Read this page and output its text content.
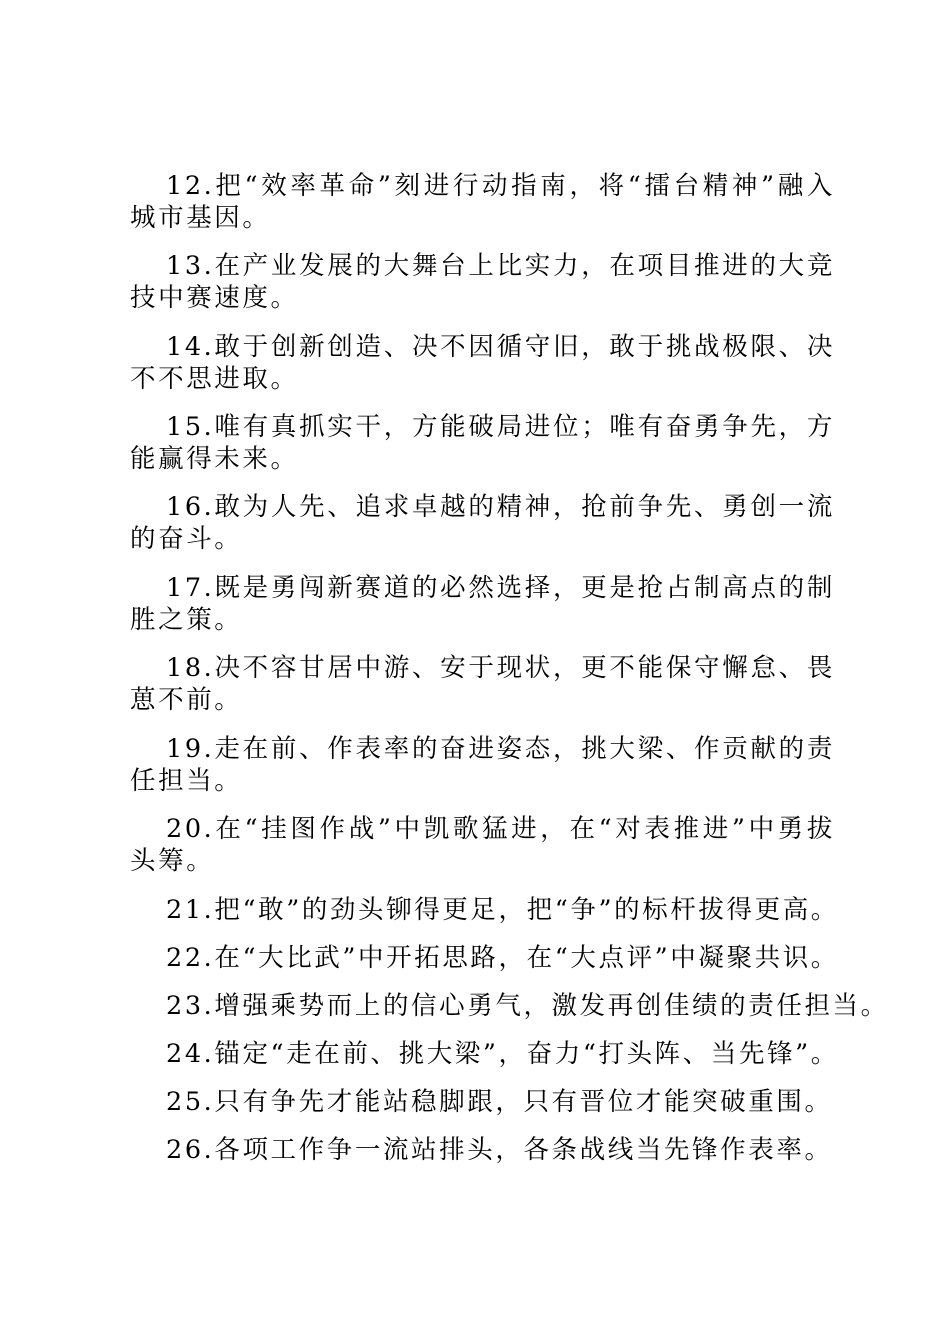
12.把“效率革命”刻进行动指南，将“擂台精神”融入城市基因。

13.在产业发展的大舞台上比实力，在项目推进的大竞技中赛速度。

14.敢于创新创造、决不因循守旧，敢于挑战极限、决不不思进取。

15.唯有真抓实干，方能破局进位；唯有奋勇争先，方能赢得未来。

16.敢为人先、追求卓越的精神，抢前争先、勇创一流的奋斗。

17.既是勇闯新赛道的必然选择，更是抢占制高点的制胜之策。

18.决不容甘居中游、安于现状，更不能保守懈怠、畏葸不前。

19.走在前、作表率的奋进姿态，挑大梁、作贡献的责任担当。

20.在“挂图作战”中凯歌猛进，在“对表推进”中勇拔头筹。

21.把“敢”的劲头铆得更足，把“争”的标杆拔得更高。

22.在“大比武”中开拓思路，在“大点评”中凝聚共识。

23.增强乘势而上的信心勇气，激发再创佳绩的责任担当。

24.锚定“走在前、挑大梁”，奋力“打头阵、当先锋”。

25.只有争先才能站稳脚跟，只有晋位才能突破重围。

26.各项工作争一流站排头，各条战线当先锋作表率。
